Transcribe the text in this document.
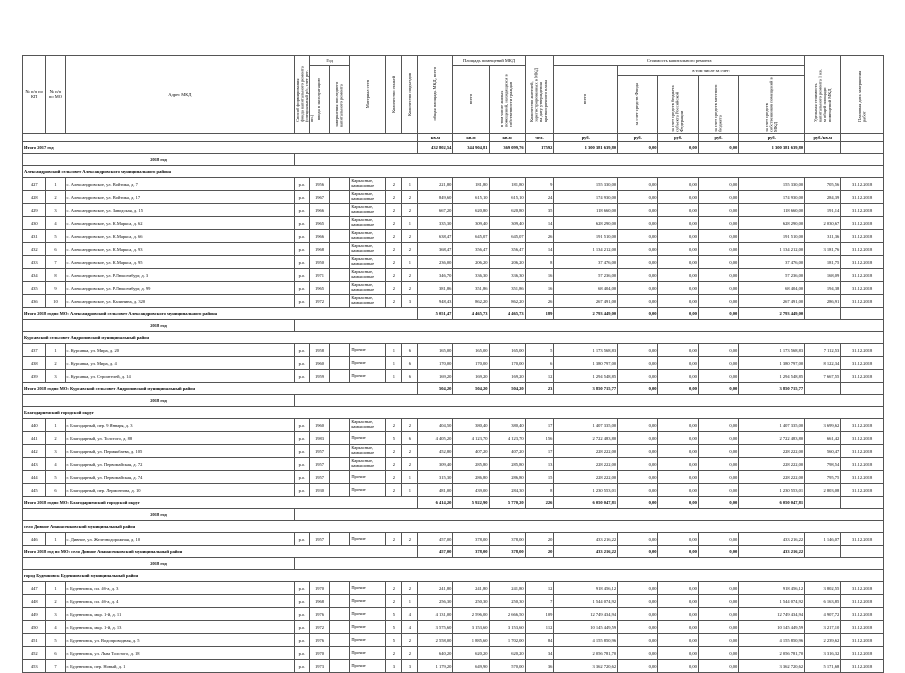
№ п/п по КП	№ п/п по МО	Адрес МКД	Способ формирования фонда капитального ремонта (специальный р/с, счет рег. оп.)	Год		Материал стен	Количество этажей	Количество подъездов	общая площадь МКД, всего	Площадь помещений МКД		Количество жителей, зарегистрированных в МКД на дату утверждения краткосрочного плана	Стоимость капитального ремонта					Удельная стоимость капитального ремонта 1 кв. м общей площади помещений МКД	Плановая дата завершения работ
				ввода в эксплуатацию	завершения последнего капитального ремонта					всего	в том числе жилых помещений, находящихся в собственности граждан		всего	в том числе за счет:					
														за счет средств Фонда	за счет средств бюджета субъекта Российской Федерации	за счет средств местного бюджета	за счет средств собственников помещений в МКД		
									кв.м	кв.м	кв.м	чел.	руб.	руб.	руб.	руб.	руб.	руб./кв.м	
Итого 2017 год									432 802,54	344 904,81	369 099,76	17592	1 300 381 639,80	0,00	0,00	0,00	1 300 381 639,80		
2018 год																			
Александровский сельсовет Александровского муниципального района																			
427	1	с. Александровское, ул. Войтика, д. 7	р.о.	1956		Каркасные, камышовые	2	1	221,80	181,80	181,80	9	155 330,00	0,00	0,00	0,00	155 330,00	705,56	31.12.2018
428	2	с. Александровское, ул. Войтика, д. 17	р.о.	1967		Каркасные, камышовые	2	2	849,60	615,10	615,10	24	174 930,00	0,00	0,00	0,00	174 930,00	284,39	31.12.2018
429	3	с. Александровское, ул. Заводская, д. 15	р.о.	1966		Каркасные, камышовые	2	2	667,20	620,80	620,80	35	118 660,00	0,00	0,00	0,00	118 660,00	191,14	31.12.2018
430	4	с. Александровское, ул. К.Маркса, д. 62	р.о.	1965		Каркасные, камышовые	2	1	335,30	309,40	309,40	14	628 290,00	0,00	0,00	0,00	628 290,00	2 030,67	31.12.2018
431	5	с. Александровское, ул. К.Маркса, д. 66	р.о.	1966		Каркасные, камышовые	2	2	638,47	645,07	645,07	26	191 510,00	0,00	0,00	0,00	191 510,00	311,36	31.12.2018
432	6	с. Александровское, ул. К.Маркса, д. 93	р.о.	1968		Каркасные, камышовые	2	2	368,47	356,47	356,47	14	1 134 212,00	0,00	0,00	0,00	1 134 212,00	3 181,76	31.12.2018
433	7	с. Александровское, ул. К.Маркса, д. 95	р.о.	1950		Каркасные, камышовые	2	1	236,00	206,20	206,20	8	37 476,00	0,00	0,00	0,00	37 476,00	181,75	31.12.2018
434	8	с. Александровское, ул. Р.Люксембург, д. 3	р.о.	1971		Каркасные, камышовые	2	2	346,70	336,30	336,30	16	57 236,00	0,00	0,00	0,00	57 236,00	168,09	31.12.2018
435	9	с. Александровское, ул. Р.Люксембург, д. 99	р.о.	1965		Каркасные, камышовые	2	2	381,86	351,86	351,86	16	68 404,00	0,00	0,00	0,00	68 404,00	194,38	31.12.2018
436	10	с. Александровское, ул. Калинина, д. 320	р.о.	1972		Каркасные, камышовые	2	3	948,43	862,20	862,20	26	267 491,00	0,00	0,00	0,00	267 491,00	286,91	31.12.2018
Итого 2018 годпо МО: Александровский сельсовет Александровского муниципального района									5 051,47	4 465,73	4 465,73	189	2 793 449,00	0,00	0,00	0,00	2 793 449,00		
2018 год																			
Курсавский сельсовет Андроповский муниципальный район																			
437	1	с. Курсавка, ул. Мира, д. 20	р.о.	1958		Прочие	1	6	165,00	165,00	165,00	5	1 173 568,83	0,00	0,00	0,00	1 173 568,83	7 112,53	31.12.2018
438	2	с. Курсавка, ул. Мира, д. 4	р.о.	1960		Прочие	1	6	170,00	170,00	170,00	6	1 380 797,00	0,00	0,00	0,00	1 380 797,00	8 122,34	31.12.2018
439	3	с. Курсавка, ул. Строителей, д. 14	р.о.	1959		Прочие	1	6	169,20	169,20	169,20	12	1 294 548,85	0,00	0,00	0,00	1 294 548,85	7 667,55	31.12.2018
Итого 2018 годпо МО: Курсавский сельсовет Андроповский муниципальный район									504,20	504,20	504,20	23	3 850 715,77	0,00	0,00	0,00	3 850 715,77		
2018 год																			
Благодарненский городской округ																			
440	1	г. Благодарный, пер. 9 Января, д. 3	р.о.	1960		Каркасные, камышовые	2	2	404,50	380,40	380,40	17	1 407 335,00	0,00	0,00	0,00	1 407 335,00	3 699,62	31.12.2018
441	2	г. Благодарный, ул. Толстого, д. 88	р.о.	1983		Прочие	5	6	4 405,20	4 123,70	4 123,70	156	2 722 483,80	0,00	0,00	0,00	2 722 483,80	661,42	31.12.2018
442	3	г. Благодарный, ул. Пермякбаева, д. 105	р.о.	1957		Каркасные, камышовые	2	2	452,80	407,20	407,20	17	228 222,00	0,00	0,00	0,00	228 222,00	560,47	31.12.2018
443	4	г. Благодарный, ул. Первомайская, д. 72	р.о.	1957		Каркасные, камышовые	2	2	309,40	285,80	285,80	13	228 222,00	0,00	0,00	0,00	228 222,00	798,54	31.12.2018
444	5	г. Благодарный, ул. Первомайская, д. 74	р.о.	1957		Прочие	2	1	315,30	286,80	286,80	15	228 222,00	0,00	0,00	0,00	228 222,00	795,75	31.12.2018
445	6	г. Благодарный, пер. Лермонтова, д. 10	р.о.	1930		Прочие	2	1	481,00	439,00	284,30	8	1 230 553,01	0,00	0,00	0,00	1 230 553,01	2 803,08	31.12.2018
Итого 2018 годпо МО: Благодарненский городской округ									6 414,20	5 922,90	5 770,20	226	6 050 047,81	0,00	0,00	0,00	6 050 047,81		
2018 год																			
село Дивное Апанасенковский муниципальный район																			
446	1	с. Дивное, ул. Железнодорожная, д. 10	р.о.	1957		Прочие	2	2	457,00	378,00	378,00	20	433 216,22	0,00	0,00	0,00	433 216,22	1 146,07	31.12.2018
Итого 2018 год по МО: село Дивное Апанасенковский муниципальный район									457,00	378,00	378,00	20	433 216,22	0,00	0,00	0,00	433 216,22		
2018 год																			
город Буденновск Буденновский муниципальный район																			
447	1	г. Буденновск, пл. 4б-а, д. 3	р.о.	1970		Прочие	2	2	241,80	241,80	241,80	12	918 456,12	0,00	0,00	0,00	918 456,12	3 802,55	31.12.2018
448	2	г. Буденновск, пл. 4б-а, д. 4	р.о.	1968		Прочие	2	1	256,30	250,30	250,30	7	1 544 074,92	0,00	0,00	0,00	1 544 074,92	6 163,85	31.12.2018
449	3	г. Буденновск, мкр. 1-й, д. 11	р.о.	1976		Прочие	5	4	4 131,00	2 596,00	2 666,50	109	12 749 434,94	0,00	0,00	0,00	12 749 434,94	4 907,72	31.12.2018
450	4	г. Буденновск, мкр. 1-й, д. 13	р.о.	1972		Прочие	5	4	3 575,60	3 153,60	3 153,60	112	10 145 449,59	0,00	0,00	0,00	10 145 449,59	3 217,10	31.12.2018
451	5	г. Буденновск, ул. Водопроводная, д. 5	р.о.	1976		Прочие	5	2	2 558,00	1 885,60	1 702,00	84	4 155 850,96	0,00	0,00	0,00	4 155 850,96	2 239,62	31.12.2018
452	6	г. Буденновск, ул. Льва Толстого, д. 18	р.о.	1970		Прочие	2	2	640,20	620,20	620,20	34	2 056 781,70	0,00	0,00	0,00	2 056 781,70	3 316,32	31.12.2018
453	7	г. Буденновск, пер. Новый, д. 1	р.о.	1973		Прочие	3	3	1 179,20	649,90	570,00	36	3 362 720,62	0,00	0,00	0,00	3 362 720,62	5 171,68	31.12.2018
